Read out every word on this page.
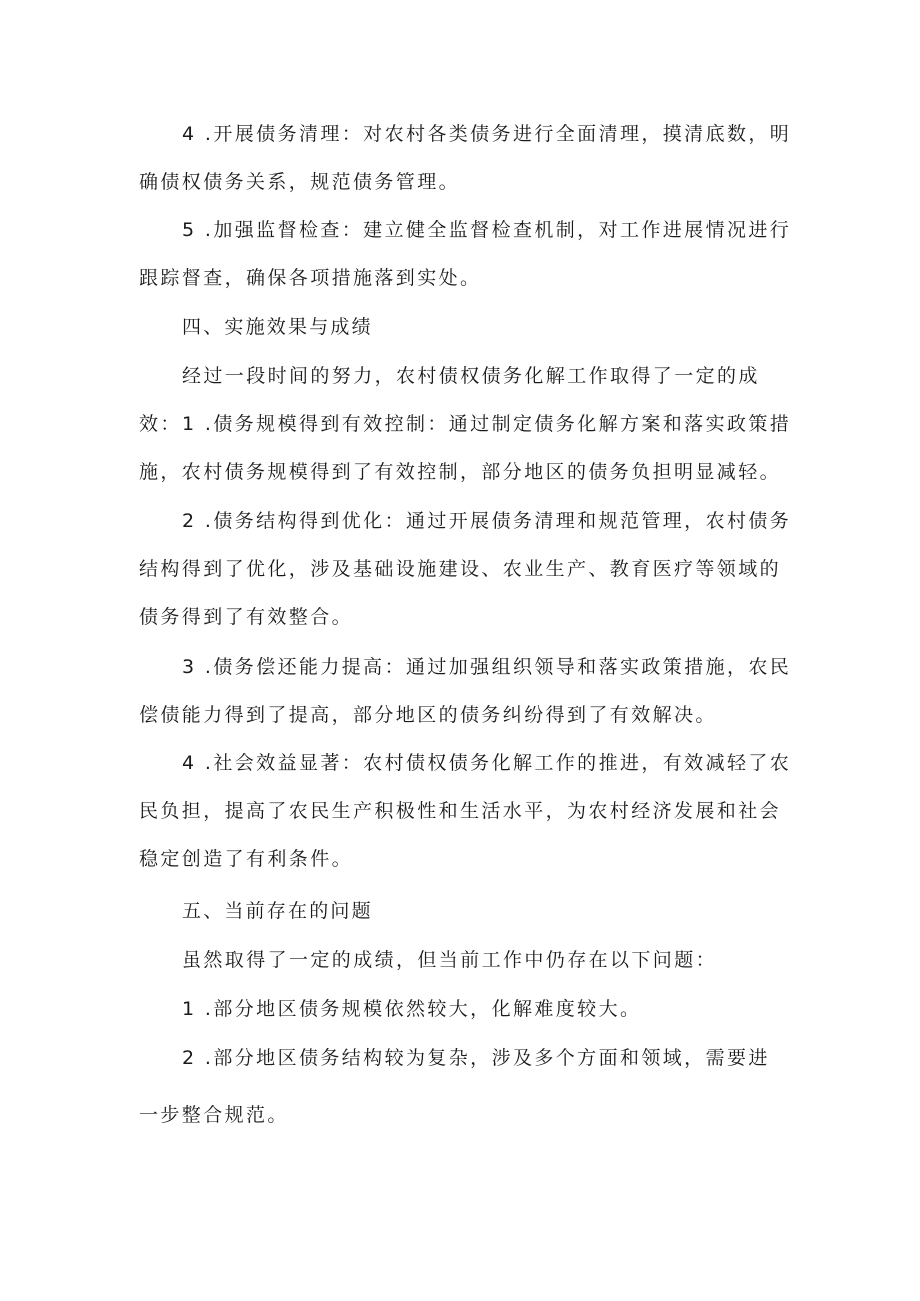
4 .开展债务清理：对农村各类债务进行全面清理，摸清底数，明确债权债务关系，规范债务管理。

5 .加强监督检查：建立健全监督检查机制，对工作进展情况进行跟踪督查，确保各项措施落到实处。

四、实施效果与成绩

经过一段时间的努力，农村债权债务化解工作取得了一定的成效： 1 .债务规模得到有效控制：通过制定债务化解方案和落实政策措施，农村债务规模得到了有效控制，部分地区的债务负担明显减轻。

2 .债务结构得到优化：通过开展债务清理和规范管理，农村债务结构得到了优化，涉及基础设施建设、农业生产、教育医疗等领域的债务得到了有效整合。

3 .债务偿还能力提高：通过加强组织领导和落实政策措施，农民偿债能力得到了提高，部分地区的债务纠纷得到了有效解决。

4 .社会效益显著：农村债权债务化解工作的推进，有效减轻了农民负担，提高了农民生产积极性和生活水平，为农村经济发展和社会稳定创造了有利条件。

五、当前存在的问题

虽然取得了一定的成绩，但当前工作中仍存在以下问题：

1 .部分地区债务规模依然较大，化解难度较大。

2 .部分地区债务结构较为复杂，涉及多个方面和领域，需要进

一步整合规范。
